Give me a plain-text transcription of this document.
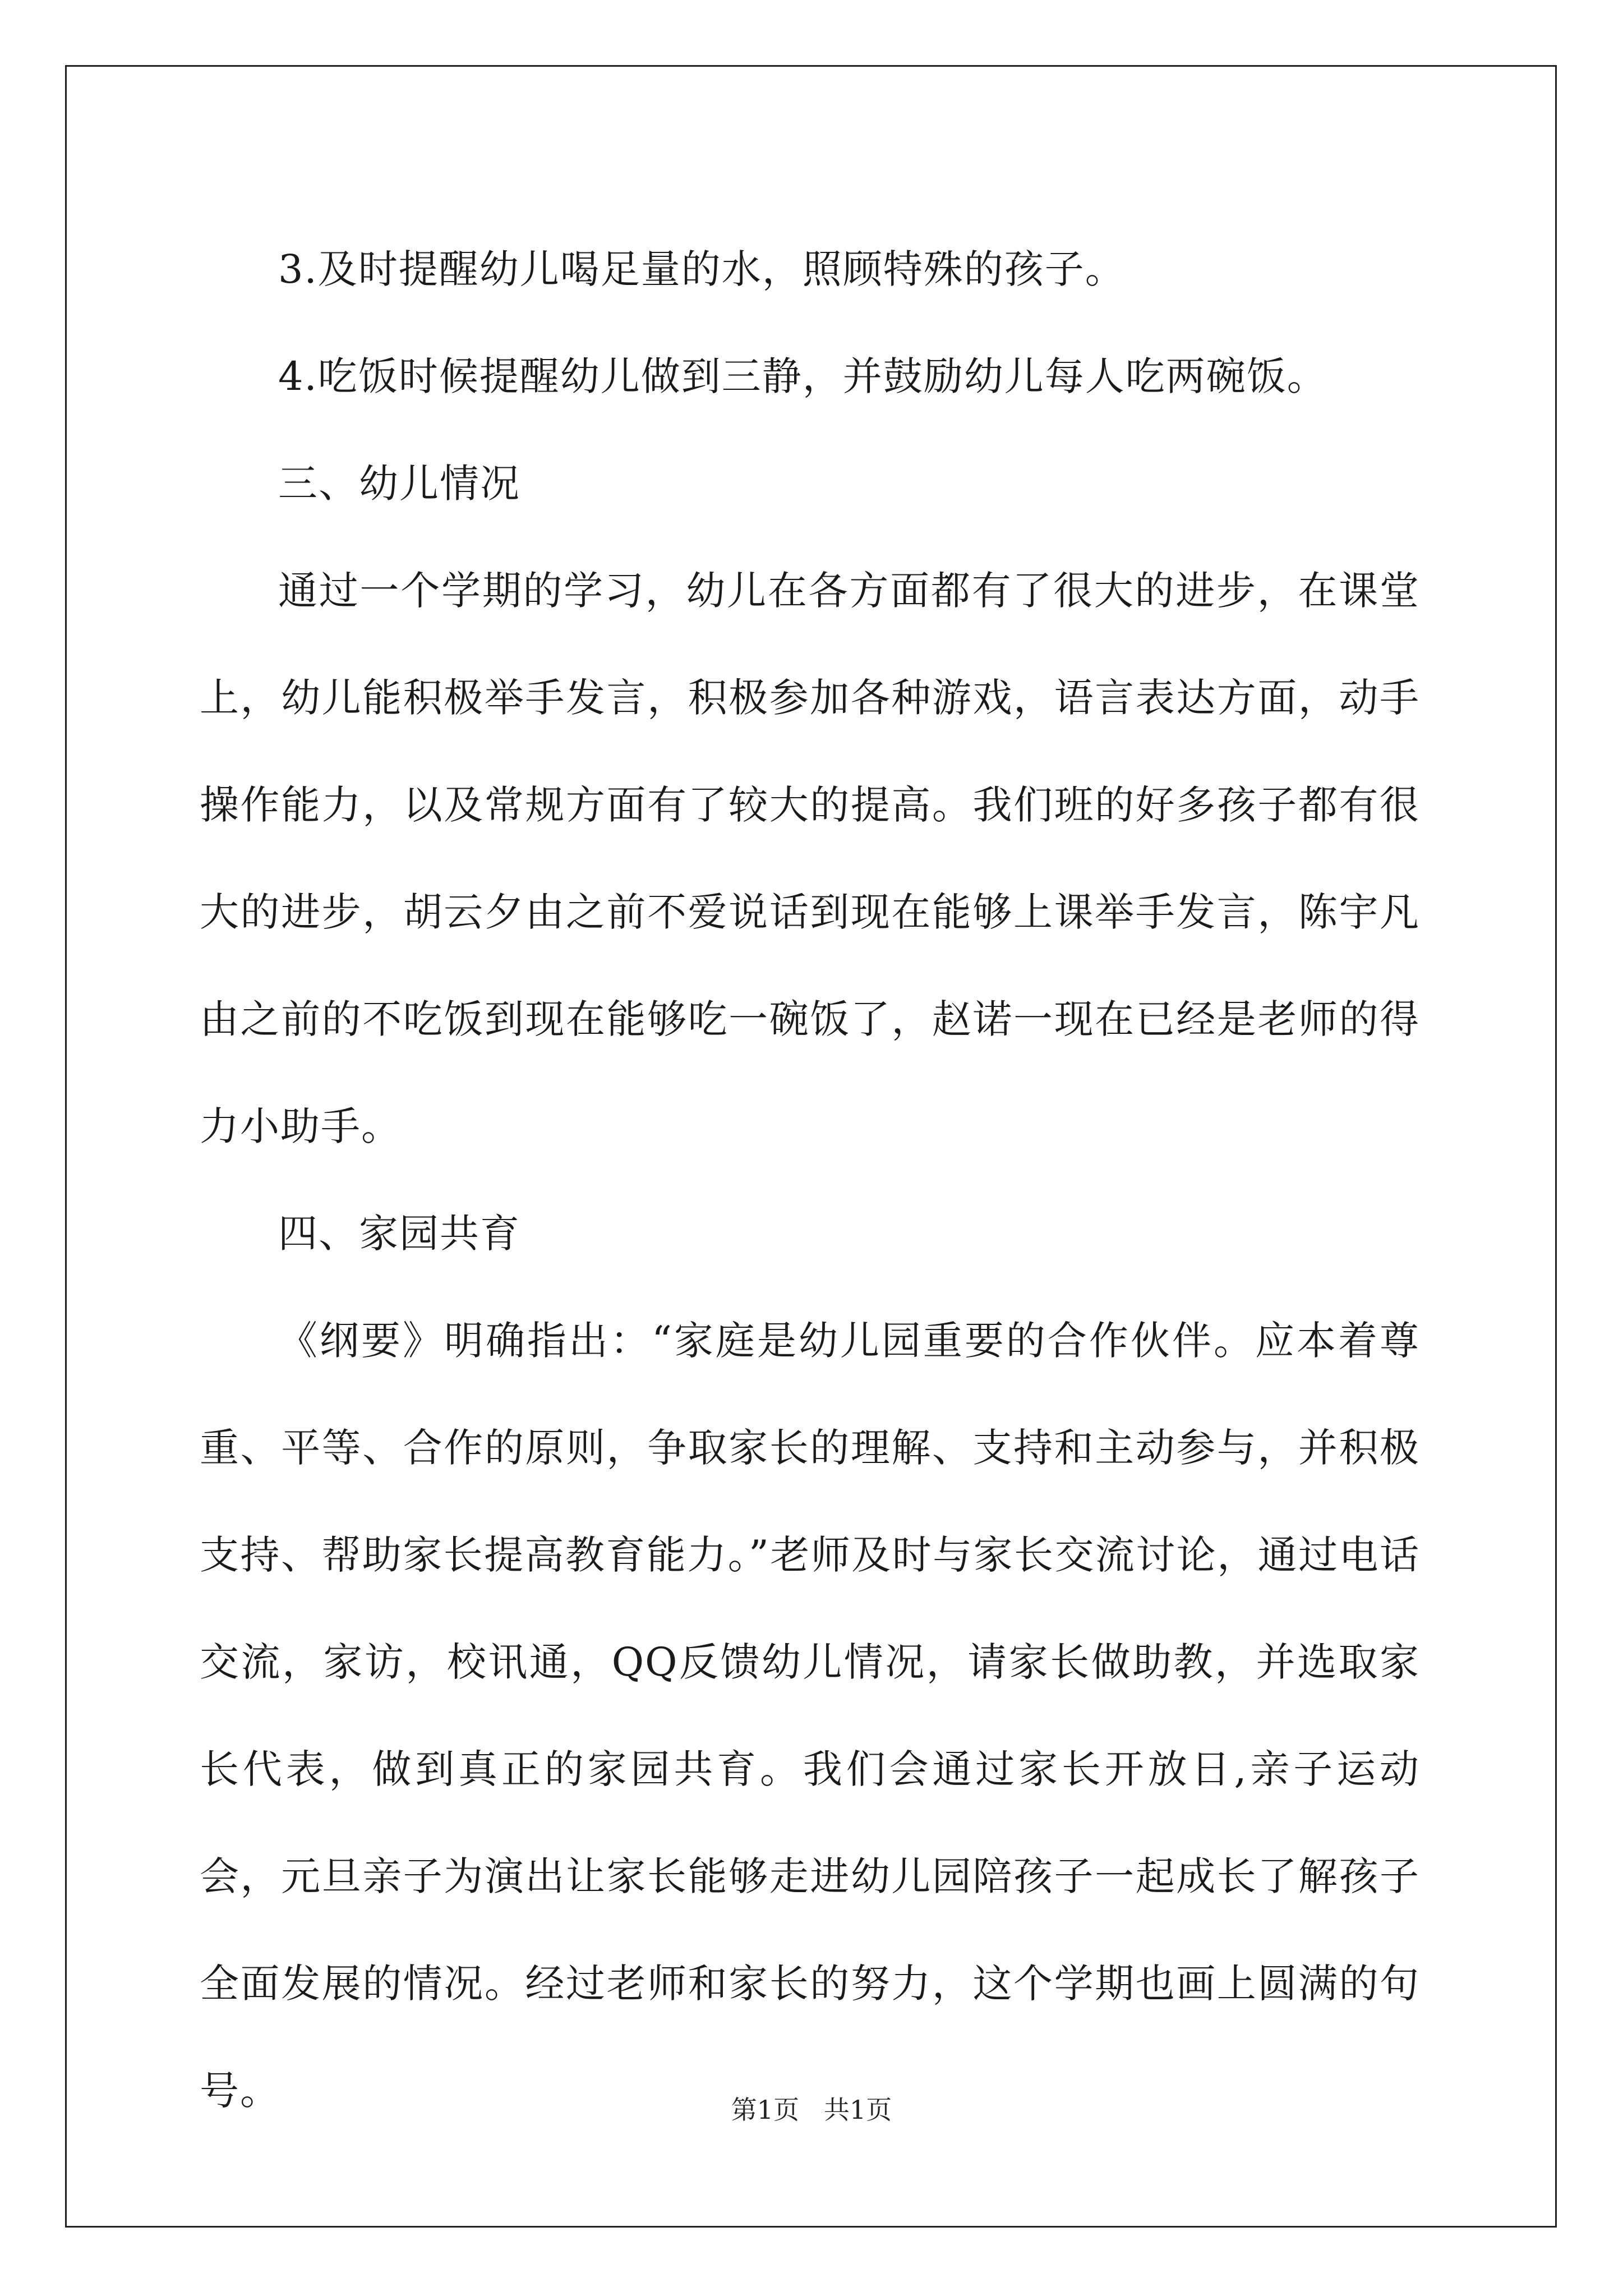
3.及时提醒幼儿喝足量的水，照顾特殊的孩子。

4.吃饭时候提醒幼儿做到三静，并鼓励幼儿每人吃两碗饭。

三、幼儿情况

通过一个学期的学习，幼儿在各方面都有了很大的进步，在课堂上，幼儿能积极举手发言，积极参加各种游戏，语言表达方面，动手操作能力，以及常规方面有了较大的提高。我们班的好多孩子都有很大的进步，胡云夕由之前不爱说话到现在能够上课举手发言，陈宇凡由之前的不吃饭到现在能够吃一碗饭了，赵诺一现在已经是老师的得力小助手。

四、家园共育

《纲要》明确指出：“家庭是幼儿园重要的合作伙伴。应本着尊重、平等、合作的原则，争取家长的理解、支持和主动参与，并积极支持、帮助家长提高教育能力。”老师及时与家长交流讨论，通过电话交流，家访，校讯通，QQ反馈幼儿情况，请家长做助教，并选取家长代表，做到真正的家园共育。我们会通过家长开放日,亲子运动会，元旦亲子为演出让家长能够走进幼儿园陪孩子一起成长了解孩子全面发展的情况。经过老师和家长的努力，这个学期也画上圆满的句号。	第1页   共1页
